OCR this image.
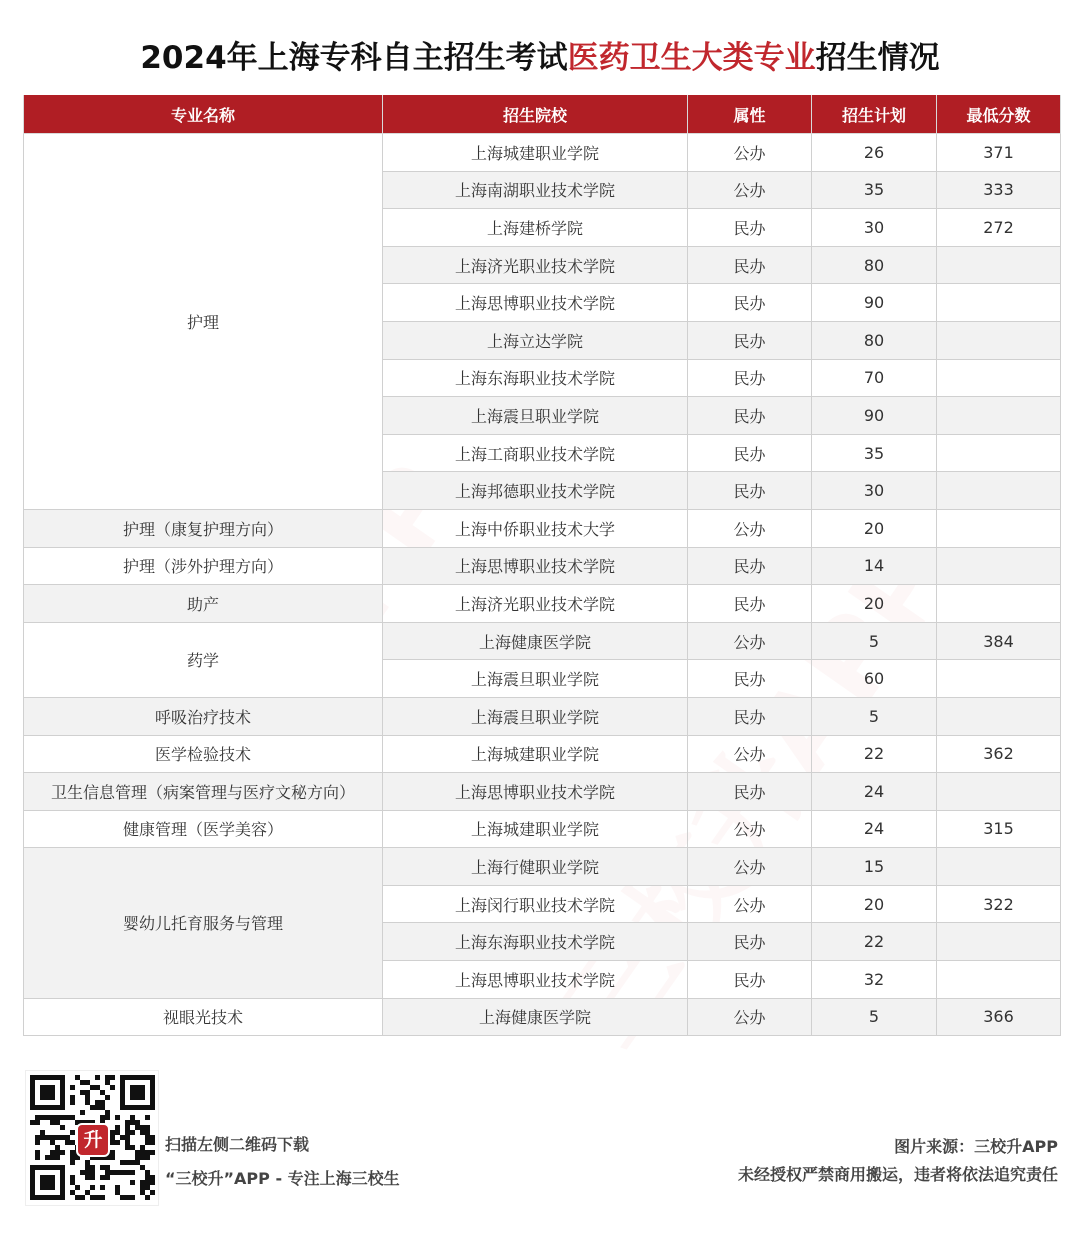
2024年上海专科自主招生考试医药卫生大类专业招生情况
专业名称	招生院校	属性	招生计划	最低分数
护理	上海城建职业学院	公办	26	371
	上海南湖职业技术学院	公办	35	333
	上海建桥学院	民办	30	272
	上海济光职业技术学院	民办	80	
	上海思博职业技术学院	民办	90	
	上海立达学院	民办	80	
	上海东海职业技术学院	民办	70	
	上海震旦职业学院	民办	90	
	上海工商职业技术学院	民办	35	
	上海邦德职业技术学院	民办	30	
护理（康复护理方向）	上海中侨职业技术大学	公办	20	
护理（涉外护理方向）	上海思博职业技术学院	民办	14	
助产	上海济光职业技术学院	民办	20	
药学	上海健康医学院	公办	5	384
	上海震旦职业学院	民办	60	
呼吸治疗技术	上海震旦职业学院	民办	5	
医学检验技术	上海城建职业学院	公办	22	362
卫生信息管理（病案管理与医疗文秘方向）	上海思博职业技术学院	民办	24	
健康管理（医学美容）	上海城建职业学院	公办	24	315
婴幼儿托育服务与管理	上海行健职业学院	公办	15	
	上海闵行职业技术学院	公办	20	322
	上海东海职业技术学院	民办	22	
	上海思博职业技术学院	民办	32	
视眼光技术	上海健康医学院	公办	5	366
升	扫描左侧二维码下载
“三校升”APP - 专注上海三校生
图片来源：三校升APP
未经授权严禁商用搬运，违者将依法追究责任
